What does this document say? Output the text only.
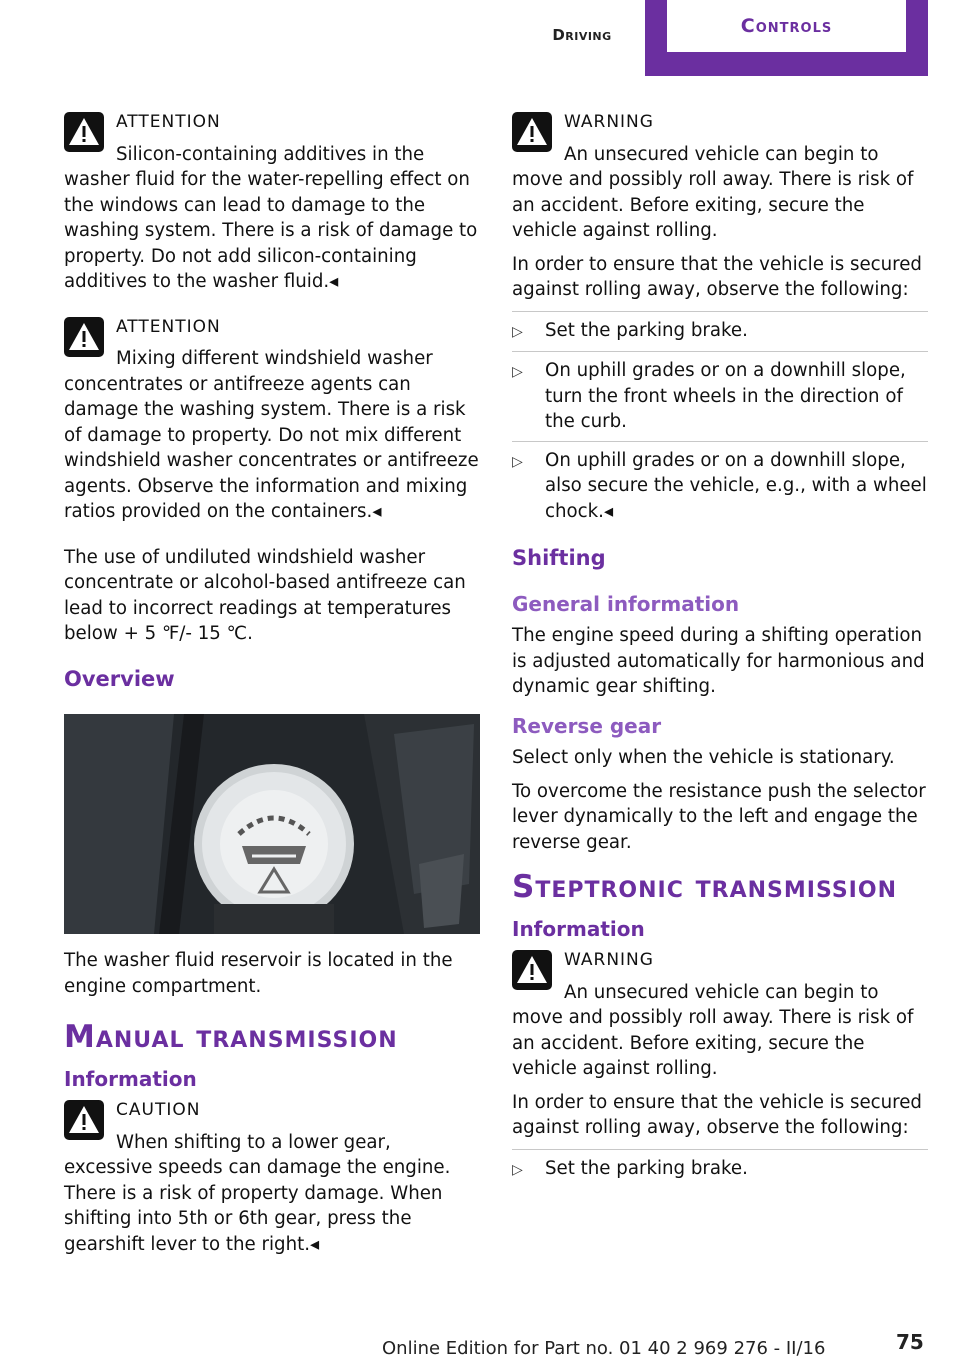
Driving	Controls
ATTENTION
Silicon-containing additives in the washer fluid for the water-repelling effect on the windows can lead to damage to the washing system. There is a risk of damage to property. Do not add silicon-containing additives to the washer fluid.◂
ATTENTION
Mixing different windshield washer concentrates or antifreeze agents can damage the washing system. There is a risk of damage to property. Do not mix different windshield washer concentrates or antifreeze agents. Observe the information and mixing ratios provided on the containers.◂

The use of undiluted windshield washer concentrate or alcohol-based antifreeze can lead to incorrect readings at temperatures below + 5 ℉/- 15 ℃.

Overview

The washer fluid reservoir is located in the engine compartment.

Manual transmission
Information
CAUTION
When shifting to a lower gear, excessive speeds can damage the engine. There is a risk of property damage. When shifting into 5th or 6th gear, press the gearshift lever to the right.◂
WARNING
An unsecured vehicle can begin to move and possibly roll away. There is risk of an accident. Before exiting, secure the vehicle against rolling.

In order to ensure that the vehicle is secured against rolling away, observe the following:

▷	Set the parking brake.
▷	On uphill grades or on a downhill slope, turn the front wheels in the direction of the curb.
▷	On uphill grades or on a downhill slope, also secure the vehicle, e.g., with a wheel chock.◂
Shifting
General information

The engine speed during a shifting operation is adjusted automatically for harmonious and dynamic gear shifting.

Reverse gear

Select only when the vehicle is stationary.

To overcome the resistance push the selector lever dynamically to the left and engage the reverse gear.

Steptronic transmission
Information
WARNING
An unsecured vehicle can begin to move and possibly roll away. There is risk of an accident. Before exiting, secure the vehicle against rolling.

In order to ensure that the vehicle is secured against rolling away, observe the following:

▷	Set the parking brake.
Online Edition for Part no. 01 40 2 969 276 - II/16	75
